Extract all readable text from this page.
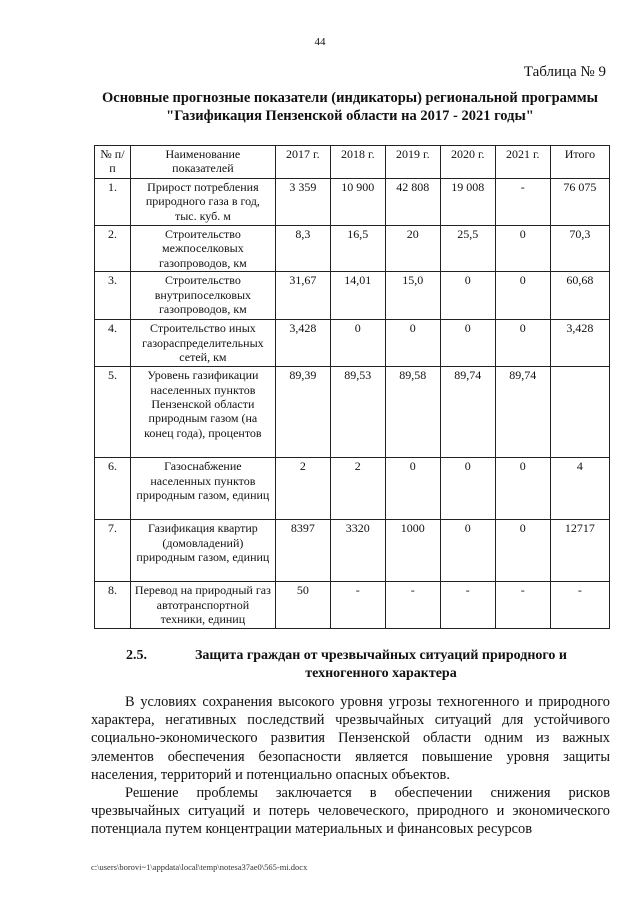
44
Таблица № 9
Основные прогнозные показатели (индикаторы) региональной программы
"Газификация Пензенской области на 2017 - 2021 годы"
№ п/п	Наименование показателей	2017 г.	2018 г.	2019 г.	2020 г.	2021 г.	Итого
1.	Прирост потребления природного газа в год, тыс. куб. м	3 359	10 900	42 808	19 008	-	76 075
2.	Строительство межпоселковых газопроводов, км	8,3	16,5	20	25,5	0	70,3
3.	Строительство внутрипоселковых газопроводов, км	31,67	14,01	15,0	0	0	60,68
4.	Строительство иных газораспределительных сетей, км	3,428	0	0	0	0	3,428
5.	Уровень газификации населенных пунктов Пензенской области природным газом (на конец года), процентов	89,39	89,53	89,58	89,74	89,74	
6.	Газоснабжение населенных пунктов природным газом, единиц	2	2	0	0	0	4
7.	Газификация квартир (домовладений) природным газом, единиц	8397	3320	1000	0	0	12717
8.	Перевод на природный газ автотранспортной техники, единиц	50	-	-	-	-	-
2.5.	Защита граждан от чрезвычайных ситуаций природного и техногенного характера

В условиях сохранения высокого уровня угрозы техногенного и природного характера, негативных последствий чрезвычайных ситуаций для устойчивого социально-экономического развития Пензенской области одним из важных элементов обеспечения безопасности является повышение уровня защиты населения, территорий и потенциально опасных объектов.

Решение проблемы заключается в обеспечении снижения рисков чрезвычайных ситуаций и потерь человеческого, природного и экономического потенциала путем концентрации материальных и финансовых ресурсов

c:\users\borovi~1\appdata\local\temp\notesa37ae0\565-mi.docx
